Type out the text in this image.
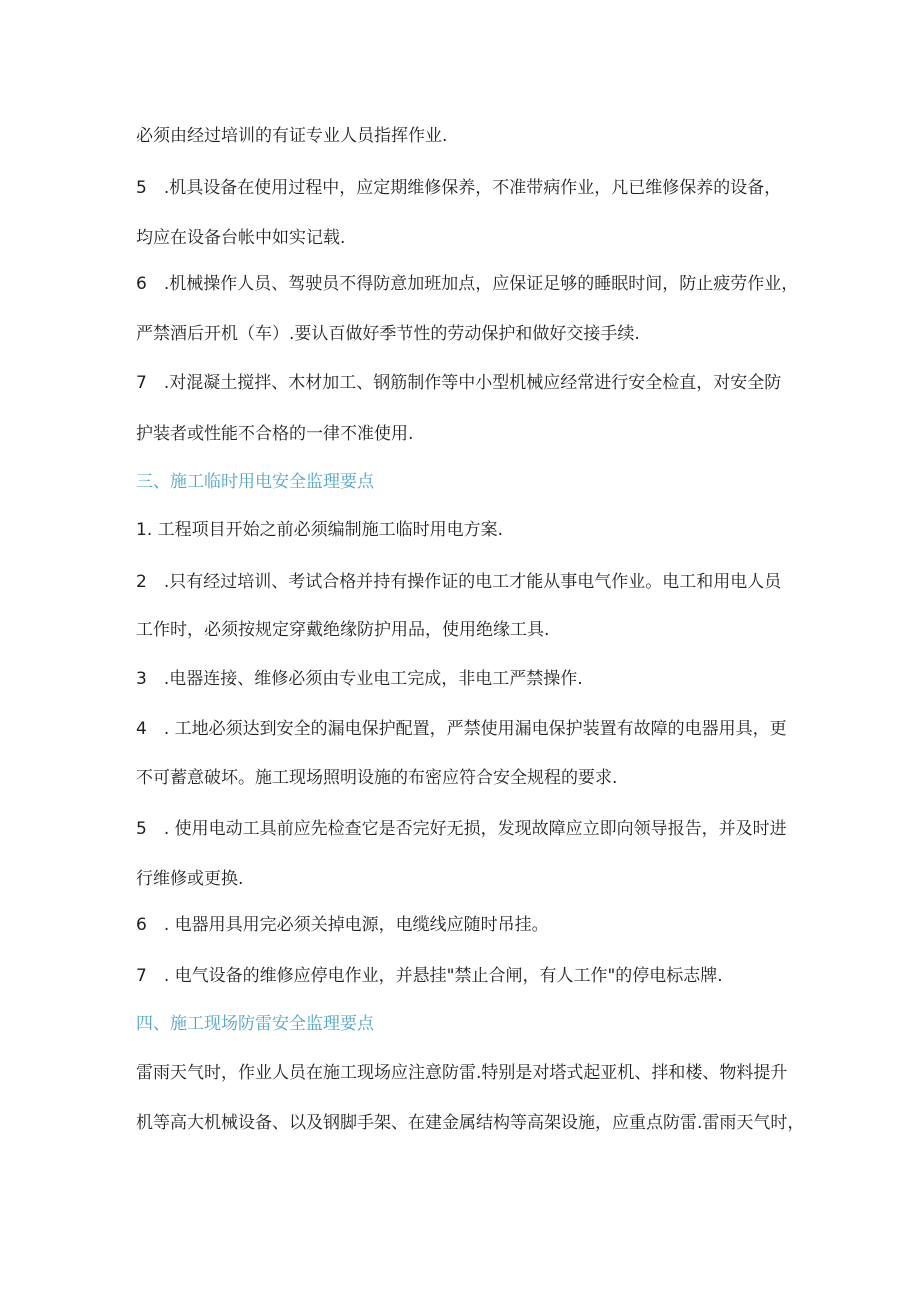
必须由经过培训的有证专业人员指挥作业.

5　.机具设备在使用过程中，应定期维修保养，不准带病作业，凡已维修保养的设备，

均应在设备台帐中如实记载.

6　.机械操作人员、驾驶员不得防意加班加点，应保证足够的睡眠时间，防止疲劳作业，

严禁酒后开机（车）.要认百做好季节性的劳动保护和做好交接手续.

7　.对混凝土搅拌、木材加工、钢筋制作等中小型机械应经常进行安全检直，对安全防

护装者或性能不合格的一律不准使用.

三、施工临时用电安全监理要点

1. 工程项目开始之前必须编制施工临时用电方案.

2　.只有经过培训、考试合格并持有操作证的电工才能从事电气作业。电工和用电人员

工作时，必须按规定穿戴绝缘防护用品，使用绝缘工具.

3　.电器连接、维修必须由专业电工完成，非电工严禁操作.

4　. 工地必须达到安全的漏电保护配置，严禁使用漏电保护装置有故障的电器用具，更

不可蓄意破坏。施工现场照明设施的布密应符合安全规程的要求.

5　. 使用电动工具前应先检查它是否完好无损，发现故障应立即向领导报告，并及时进

行维修或更换.

6　. 电器用具用完必须关掉电源，电缆线应随时吊挂。

7　. 电气设备的维修应停电作业，并悬挂"禁止合闸，有人工作"的停电标志牌.

四、施工现场防雷安全监理要点

雷雨天气时，作业人员在施工现场应注意防雷.特别是对塔式起亚机、拌和楼、物料提升

机等高大机械设备、以及钢脚手架、在建金属结构等高架设施，应重点防雷.雷雨天气时，
